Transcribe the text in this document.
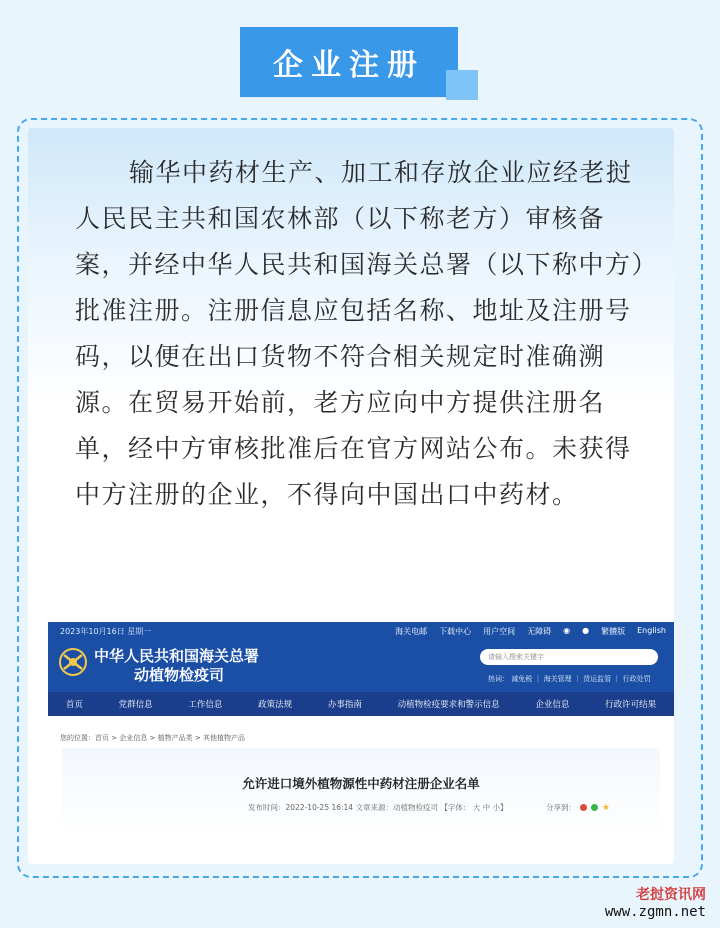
企业注册

输华中药材生产、加工和存放企业应经老挝人民民主共和国农林部（以下称老方）审核备案，并经中华人民共和国海关总署（以下称中方）批准注册。注册信息应包括名称、地址及注册号码，以便在出口货物不符合相关规定时准确溯源。在贸易开始前，老方应向中方提供注册名单，经中方审核批准后在官方网站公布。未获得中方注册的企业，不得向中国出口中药材。

2023年10月16日 星期一	海关电邮 下载中心 用户空间 无障碍 ◉ ● 繁體版 English
中华人民共和国海关总署
动植物检疫司
请输入搜索关键字
热词： 减免税 ｜ 海关管理 ｜ 货运监管 ｜ 行政处罚
首页	党群信息	工作信息	政策法规	办事指南	动植物检疫要求和警示信息	企业信息	行政许可结果
您的位置：首页 > 企业信息 > 植物产品类 > 其他植物产品
允许进口境外植物源性中药材注册企业名单
发布时间：2022-10-25 16:14 文章来源：动植物检疫司 【字体： 大 中 小】	分享到：	★
老挝资讯网
www.zgmn.net
